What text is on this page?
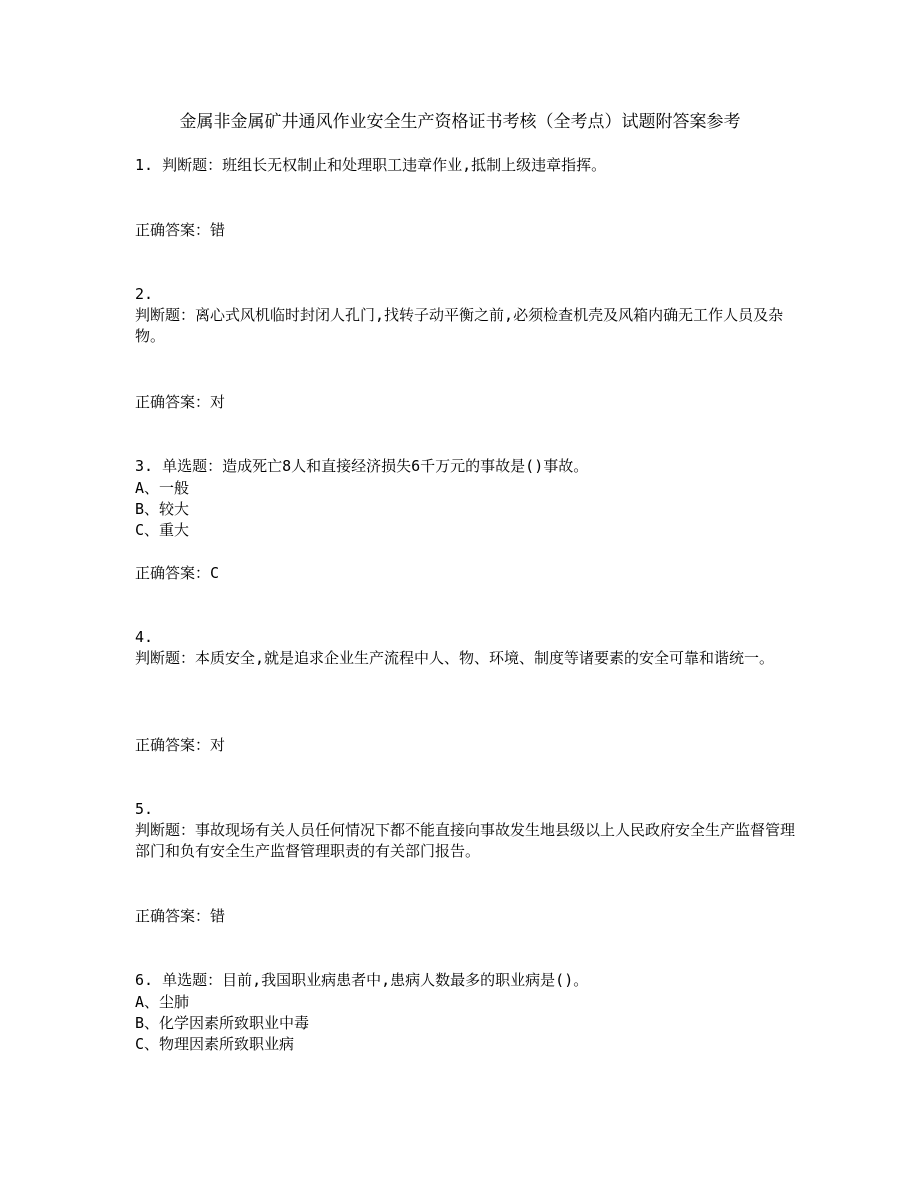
金属非金属矿井通风作业安全生产资格证书考核（全考点）试题附答案参考
1. 判断题：班组长无权制止和处理职工违章作业,抵制上级违章指挥。
正确答案：错
2.
判断题：离心式风机临时封闭人孔门,找转子动平衡之前,必须检查机壳及风箱内确无工作人员及杂物。
正确答案：对
3. 单选题：造成死亡8人和直接经济损失6千万元的事故是()事故。
A、一般
B、较大
C、重大
正确答案：C
4.
判断题：本质安全,就是追求企业生产流程中人、物、环境、制度等诸要素的安全可靠和谐统一。
正确答案：对
5.
判断题：事故现场有关人员任何情况下都不能直接向事故发生地县级以上人民政府安全生产监督管理部门和负有安全生产监督管理职责的有关部门报告。
正确答案：错
6. 单选题：目前,我国职业病患者中,患病人数最多的职业病是()。
A、尘肺
B、化学因素所致职业中毒
C、物理因素所致职业病
